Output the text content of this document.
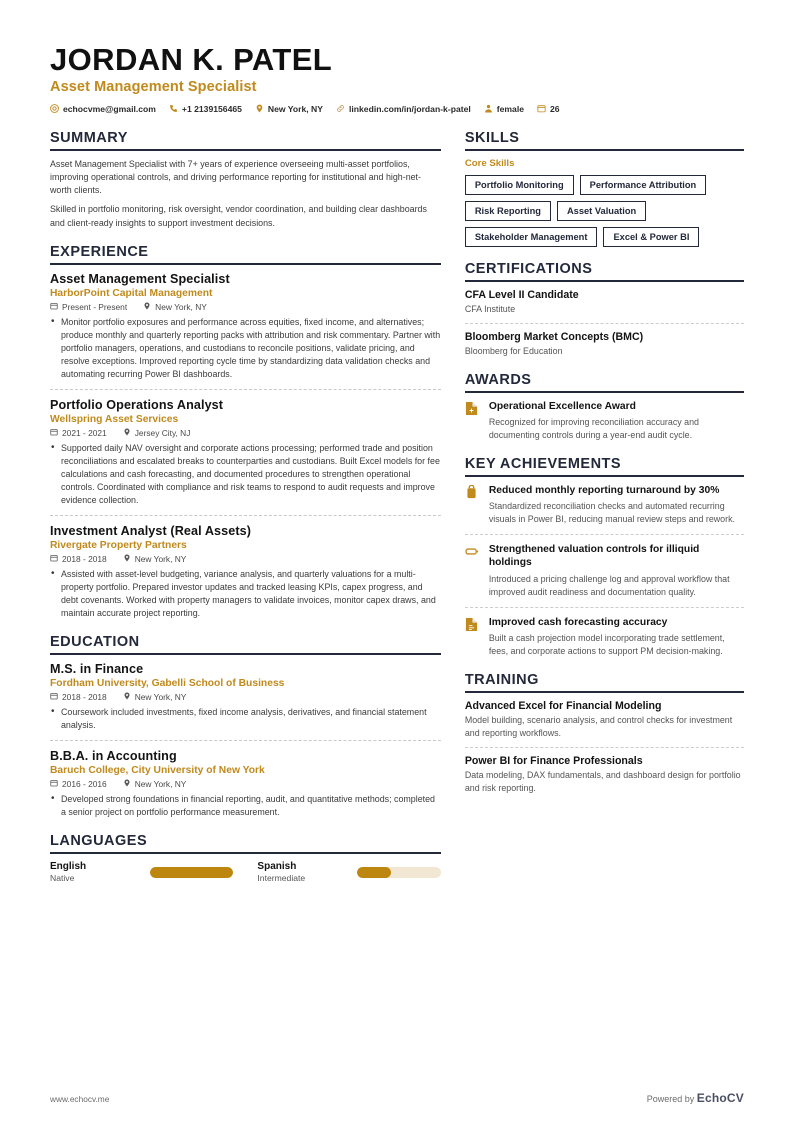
JORDAN K. PATEL
Asset Management Specialist
echocvme@gmail.com	+1 2139156465	New York, NY	linkedin.com/in/jordan-k-patel	female	26
SUMMARY

Asset Management Specialist with 7+ years of experience overseeing multi-asset portfolios, improving operational controls, and driving performance reporting for institutional and high-net-worth clients.

Skilled in portfolio monitoring, risk oversight, vendor coordination, and building clear dashboards and client-ready insights to support investment decisions.

EXPERIENCE
Asset Management Specialist
HarborPoint Capital Management
Present - Present	New York, NY
• Monitor portfolio exposures and performance across equities, fixed income, and alternatives; produce monthly and quarterly reporting packs with attribution and risk commentary. Partner with portfolio managers, operations, and custodians to reconcile positions, validate pricing, and resolve exceptions. Improved reporting cycle time by standardizing data validation checks and automating recurring Power BI dashboards.
Portfolio Operations Analyst
Wellspring Asset Services
2021 - 2021	Jersey City, NJ
• Supported daily NAV oversight and corporate actions processing; performed trade and position reconciliations and escalated breaks to counterparties and custodians. Built Excel models for fee calculations and cash forecasting, and documented procedures to strengthen operational controls. Coordinated with compliance and risk teams to respond to audit requests and improve evidence collection.
Investment Analyst (Real Assets)
Rivergate Property Partners
2018 - 2018	New York, NY
• Assisted with asset-level budgeting, variance analysis, and quarterly valuations for a multi-property portfolio. Prepared investor updates and tracked leasing KPIs, capex progress, and debt covenants. Worked with property managers to validate invoices, monitor capex draws, and maintain accurate project reporting.
EDUCATION
M.S. in Finance
Fordham University, Gabelli School of Business
2018 - 2018	New York, NY
• Coursework included investments, fixed income analysis, derivatives, and financial statement analysis.
B.B.A. in Accounting
Baruch College, City University of New York
2016 - 2016	New York, NY
• Developed strong foundations in financial reporting, audit, and quantitative methods; completed a senior project on portfolio performance measurement.
LANGUAGES
English
Native
Spanish
Intermediate
SKILLS
Core Skills
Portfolio Monitoring	Performance Attribution
Risk Reporting	Asset Valuation
Stakeholder Management	Excel & Power BI
CERTIFICATIONS
CFA Level II Candidate
CFA Institute
Bloomberg Market Concepts (BMC)
Bloomberg for Education
AWARDS
Operational Excellence Award
Recognized for improving reconciliation accuracy and documenting controls during a year-end audit cycle.
KEY ACHIEVEMENTS
Reduced monthly reporting turnaround by 30%
Standardized reconciliation checks and automated recurring visuals in Power BI, reducing manual review steps and rework.
Strengthened valuation controls for illiquid holdings
Introduced a pricing challenge log and approval workflow that improved audit readiness and documentation quality.
Improved cash forecasting accuracy
Built a cash projection model incorporating trade settlement, fees, and corporate actions to support PM decision-making.
TRAINING
Advanced Excel for Financial Modeling
Model building, scenario analysis, and control checks for investment and reporting workflows.
Power BI for Finance Professionals
Data modeling, DAX fundamentals, and dashboard design for portfolio and risk reporting.
www.echocv.me	Powered by EchoCV
